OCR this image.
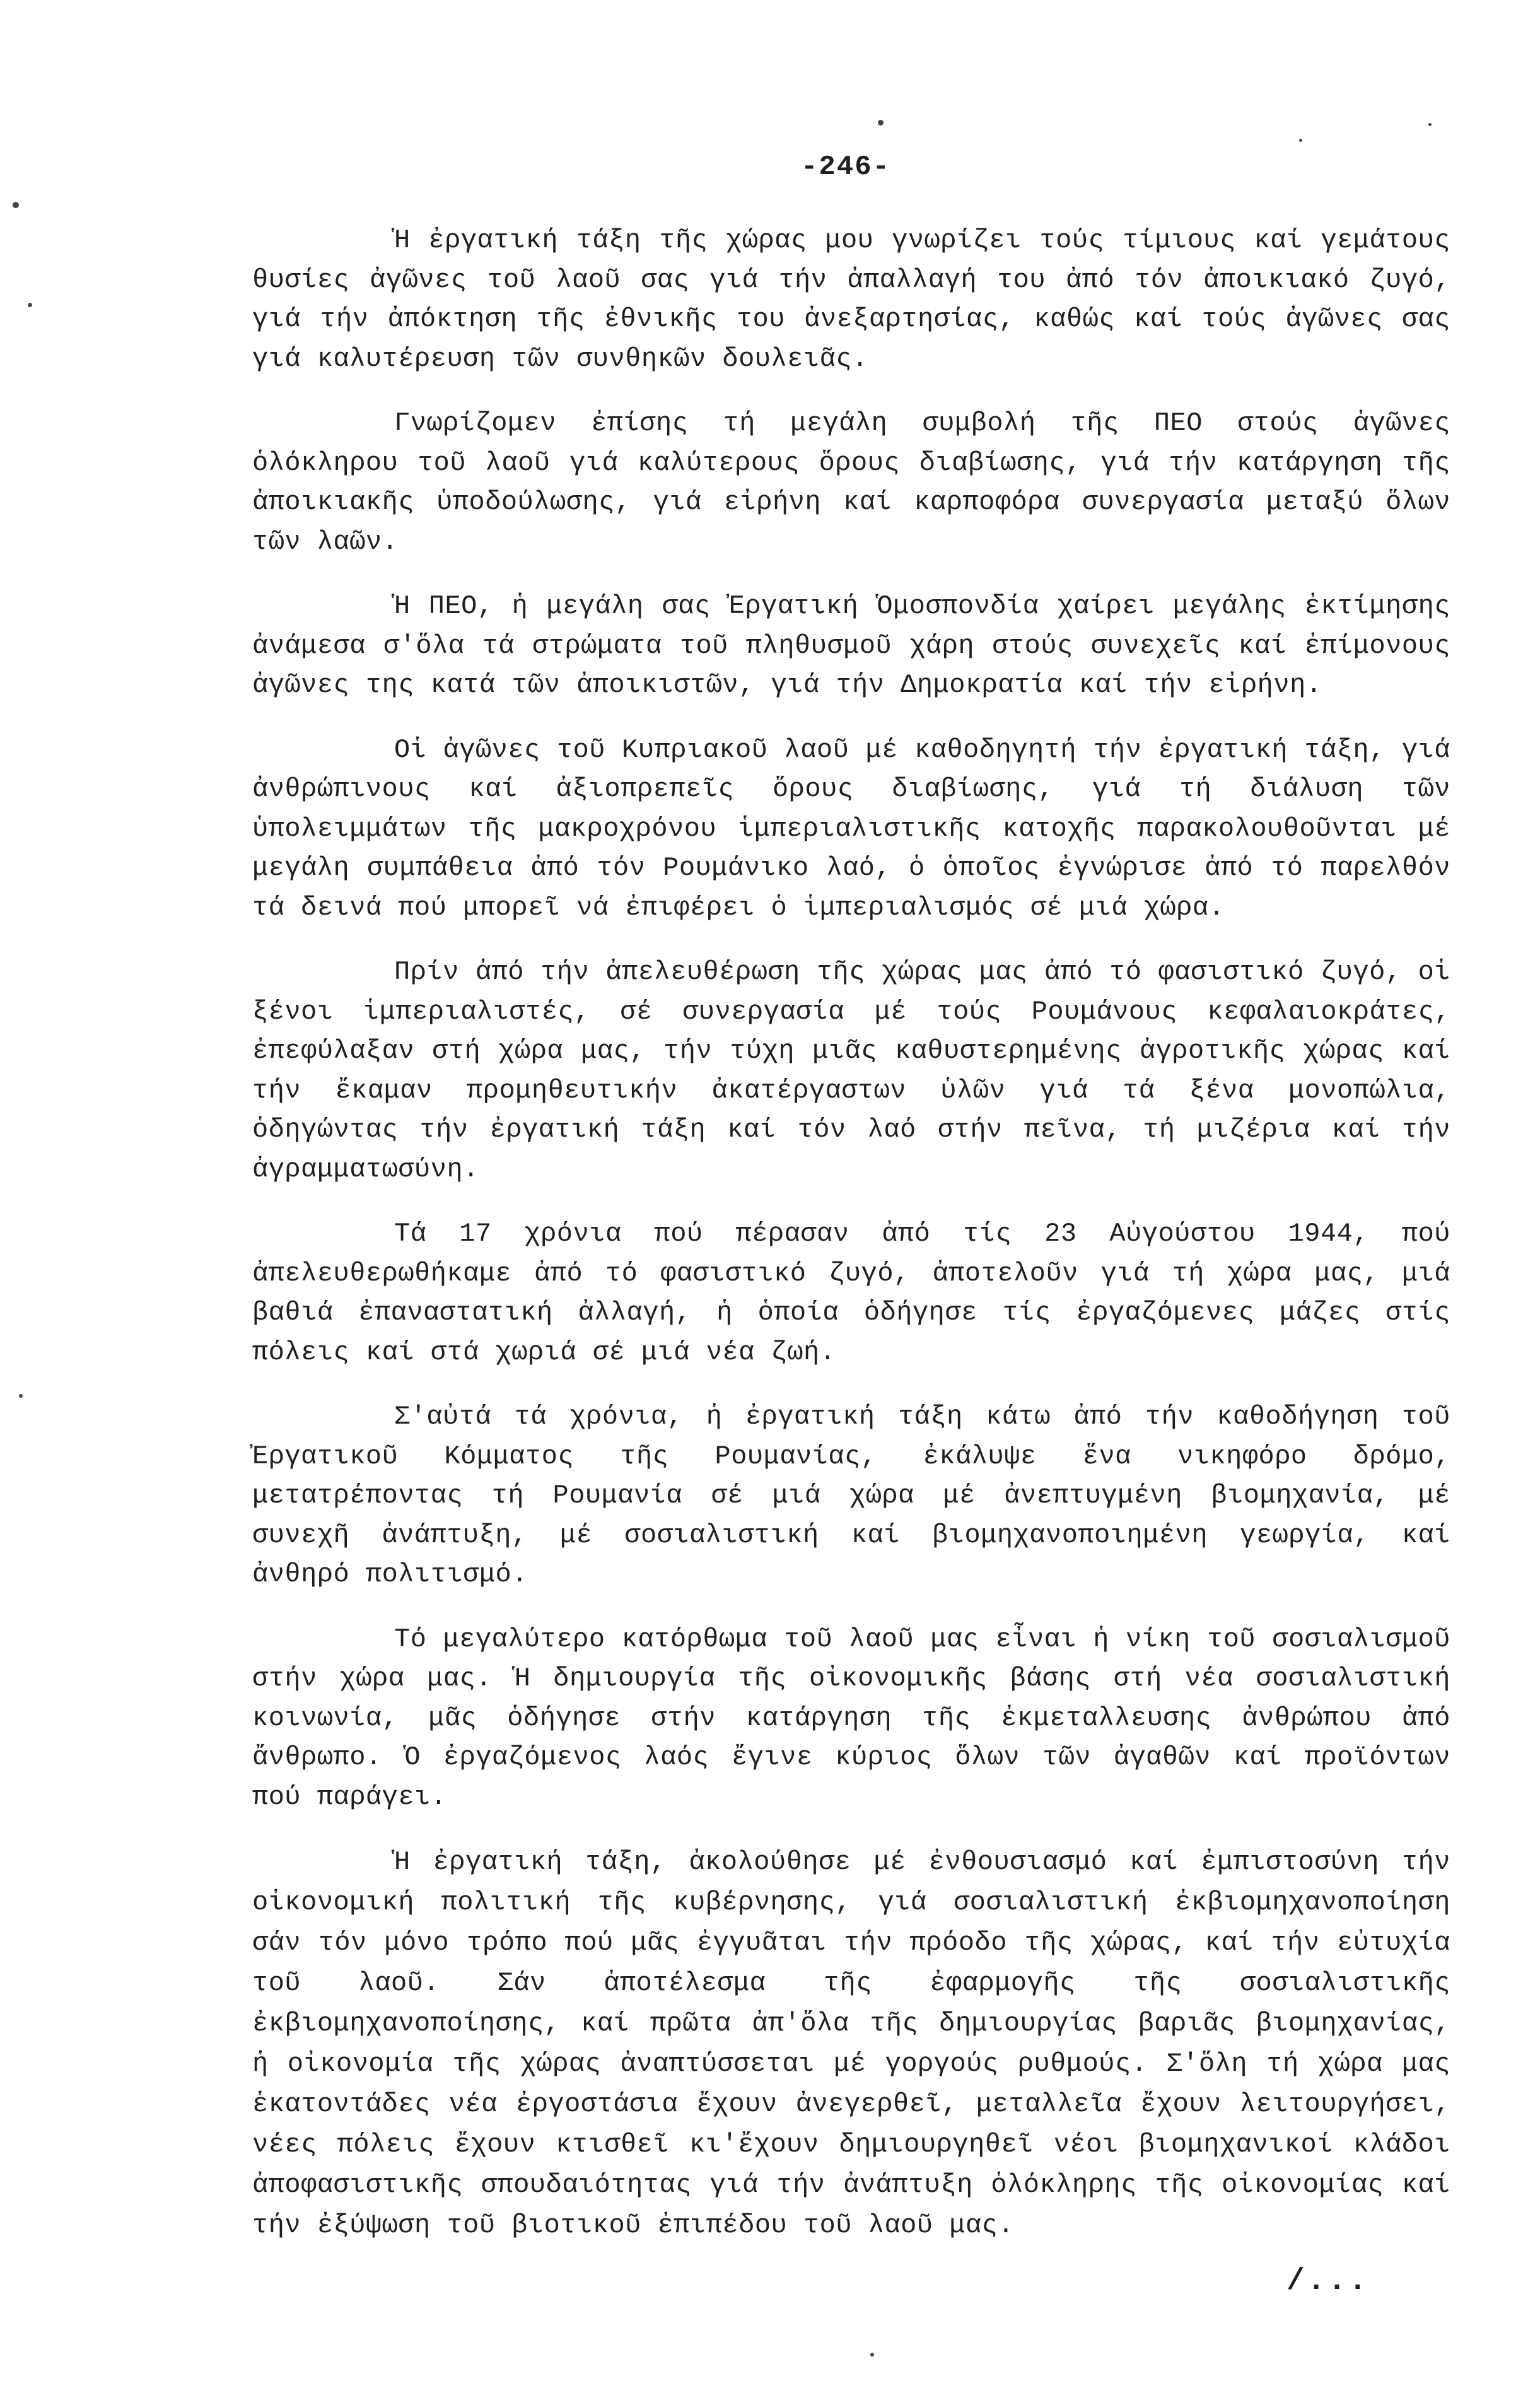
-246-

Ἡ ἐργατική τάξη τῆς χώρας μου γνωρίζει τούς τίμιους καί γεμάτους θυσίες ἀγῶνες τοῦ λαοῦ σας γιά τήν ἀπαλλαγή του ἀπό τόν ἀποικιακό ζυγό, γιά τήν ἀπόκτηση τῆς ἐθνικῆς του ἀνεξαρτησίας, καθώς καί τούς ἀγῶνες σας γιά καλυτέρευση τῶν συνθηκῶν δουλειᾶς.

Γνωρίζομεν ἐπίσης τή μεγάλη συμβολή τῆς ΠΕΟ στούς ἀγῶνες ὁλόκληρου τοῦ λαοῦ γιά καλύτερους ὅρους διαβίωσης, γιά τήν κατάργηση τῆς ἀποικιακῆς ὑποδούλωσης, γιά εἰρήνη καί καρποφόρα συνεργασία μεταξύ ὅλων τῶν λαῶν.

Ἡ ΠΕΟ, ἡ μεγάλη σας Ἐργατική Ὁμοσπονδία χαίρει μεγάλης ἐκτίμησης ἀνάμεσα σ'ὅλα τά στρώματα τοῦ πληθυσμοῦ χάρη στούς συνεχεῖς καί ἐπίμονους ἀγῶνες της κατά τῶν ἀποικιστῶν, γιά τήν Δημοκρατία καί τήν εἰρήνη.

Οἱ ἀγῶνες τοῦ Κυπριακοῦ λαοῦ μέ καθοδηγητή τήν ἐργατική τάξη, γιά ἀνθρώπινους καί ἀξιοπρεπεῖς ὅρους διαβίωσης, γιά τή διάλυση τῶν ὑπολειμμάτων τῆς μακροχρόνου ἱμπεριαλιστικῆς κατοχῆς παρακολουθοῦνται μέ μεγάλη συμπάθεια ἀπό τόν Ρουμάνικο λαό, ὁ ὁποῖος ἐγνώρισε ἀπό τό παρελθόν τά δεινά πού μπορεῖ νά ἐπιφέρει ὁ ἱμπεριαλισμός σέ μιά χώρα.

Πρίν ἀπό τήν ἀπελευθέρωση τῆς χώρας μας ἀπό τό φασιστικό ζυγό, οἱ ξένοι ἱμπεριαλιστές, σέ συνεργασία μέ τούς Ρουμάνους κεφαλαιοκράτες, ἐπεφύλαξαν στή χώρα μας, τήν τύχη μιᾶς καθυστερημένης ἀγροτικῆς χώρας καί τήν ἔκαμαν προμηθευτικήν ἀκατέργαστων ὑλῶν γιά τά ξένα μονοπώλια, ὁδηγώντας τήν ἐργατική τάξη καί τόν λαό στήν πεῖνα, τή μιζέρια καί τήν ἀγραμματωσύνη.

Τά 17 χρόνια πού πέρασαν ἀπό τίς 23 Αὐγούστου 1944, πού ἀπελευθερωθήκαμε ἀπό τό φασιστικό ζυγό, ἀποτελοῦν γιά τή χώρα μας, μιά βαθιά ἐπαναστατική ἀλλαγή, ἡ ὁποία ὁδήγησε τίς ἐργαζόμενες μάζες στίς πόλεις καί στά χωριά σέ μιά νέα ζωή.

Σ'αὐτά τά χρόνια, ἡ ἐργατική τάξη κάτω ἀπό τήν καθοδήγηση τοῦ Ἐργατικοῦ Κόμματος τῆς Ρουμανίας, ἐκάλυψε ἕνα νικηφόρο δρόμο, μετατρέποντας τή Ρουμανία σέ μιά χώρα μέ ἀνεπτυγμένη βιομηχανία, μέ συνεχῆ ἀνάπτυξη, μέ σοσιαλιστική καί βιομηχανοποιημένη γεωργία, καί ἀνθηρό πολιτισμό.

Τό μεγαλύτερο κατόρθωμα τοῦ λαοῦ μας εἶναι ἡ νίκη τοῦ σοσιαλισμοῦ στήν χώρα μας. Ἡ δημιουργία τῆς οἰκονομικῆς βάσης στή νέα σοσιαλιστική κοινωνία, μᾶς ὁδήγησε στήν κατάργηση τῆς ἐκμεταλλευσης ἀνθρώπου ἀπό ἄνθρωπο. Ὁ ἐργαζόμενος λαός ἔγινε κύριος ὅλων τῶν ἀγαθῶν καί προϊόντων πού παράγει.

Ἡ ἐργατική τάξη, ἀκολούθησε μέ ἐνθουσιασμό καί ἐμπιστοσύνη τήν οἰκονομική πολιτική τῆς κυβέρνησης, γιά σοσιαλιστική ἐκβιομηχανοποίηση σάν τόν μόνο τρόπο πού μᾶς ἐγγυᾶται τήν πρόοδο τῆς χώρας, καί τήν εὐτυχία τοῦ λαοῦ. Σάν ἀποτέλεσμα τῆς ἐφαρμογῆς τῆς σοσιαλιστικῆς ἐκβιομηχανοποίησης, καί πρῶτα ἀπ'ὅλα τῆς δημιουργίας βαριᾶς βιομηχανίας, ἡ οἰκονομία τῆς χώρας ἀναπτύσσεται μέ γοργούς ρυθμούς. Σ'ὅλη τή χώρα μας ἑκατοντάδες νέα ἐργοστάσια ἔχουν ἀνεγερθεῖ, μεταλλεῖα ἔχουν λειτουργήσει, νέες πόλεις ἔχουν κτισθεῖ κι'ἔχουν δημιουργηθεῖ νέοι βιομηχανικοί κλάδοι ἀποφασιστικῆς σπουδαιότητας γιά τήν ἀνάπτυξη ὁλόκληρης τῆς οἰκονομίας καί τήν ἐξύψωση τοῦ βιοτικοῦ ἐπιπέδου τοῦ λαοῦ μας.

/...
